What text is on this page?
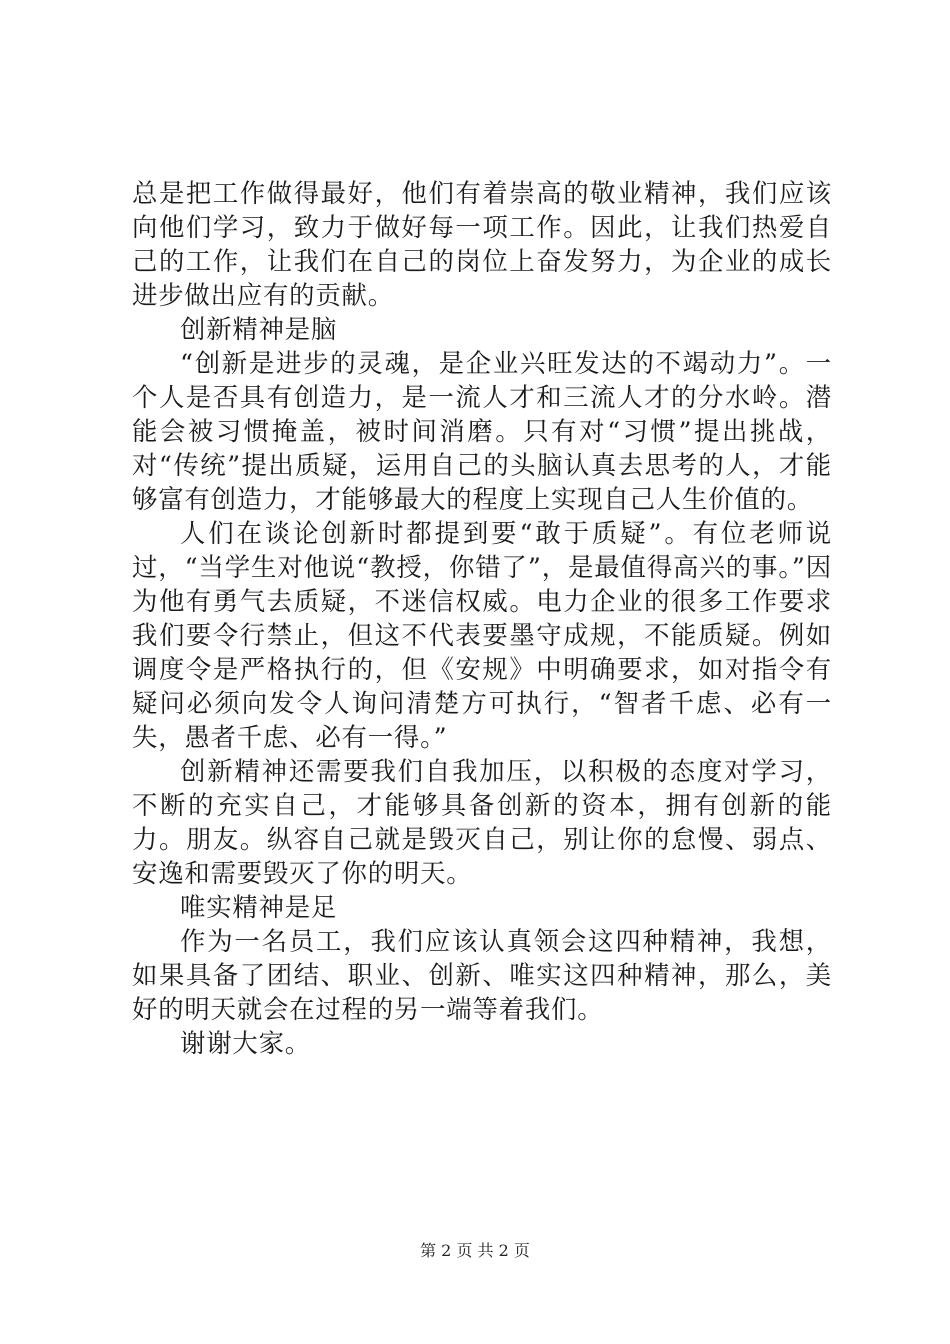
总是把工作做得最好，他们有着崇高的敬业精神，我们应该向他们学习，致力于做好每一项工作。因此，让我们热爱自己的工作，让我们在自己的岗位上奋发努力，为企业的成长进步做出应有的贡献。

创新精神是脑

“创新是进步的灵魂，是企业兴旺发达的不竭动力”。一个人是否具有创造力，是一流人才和三流人才的分水岭。潜能会被习惯掩盖，被时间消磨。只有对“习惯”提出挑战，对“传统”提出质疑，运用自己的头脑认真去思考的人，才能够富有创造力，才能够最大的程度上实现自己人生价值的。

人们在谈论创新时都提到要“敢于质疑”。有位老师说过，“当学生对他说“教授，你错了”，是最值得高兴的事。”因为他有勇气去质疑，不迷信权威。电力企业的很多工作要求我们要令行禁止，但这不代表要墨守成规，不能质疑。例如调度令是严格执行的，但《安规》中明确要求，如对指令有疑问必须向发令人询问清楚方可执行，“智者千虑、必有一失，愚者千虑、必有一得。”

创新精神还需要我们自我加压，以积极的态度对学习，不断的充实自己，才能够具备创新的资本，拥有创新的能力。朋友。纵容自己就是毁灭自己，别让你的怠慢、弱点、安逸和需要毁灭了你的明天。

唯实精神是足

作为一名员工，我们应该认真领会这四种精神，我想，如果具备了团结、职业、创新、唯实这四种精神，那么，美好的明天就会在过程的另一端等着我们。

谢谢大家。

第 2 页 共 2 页
